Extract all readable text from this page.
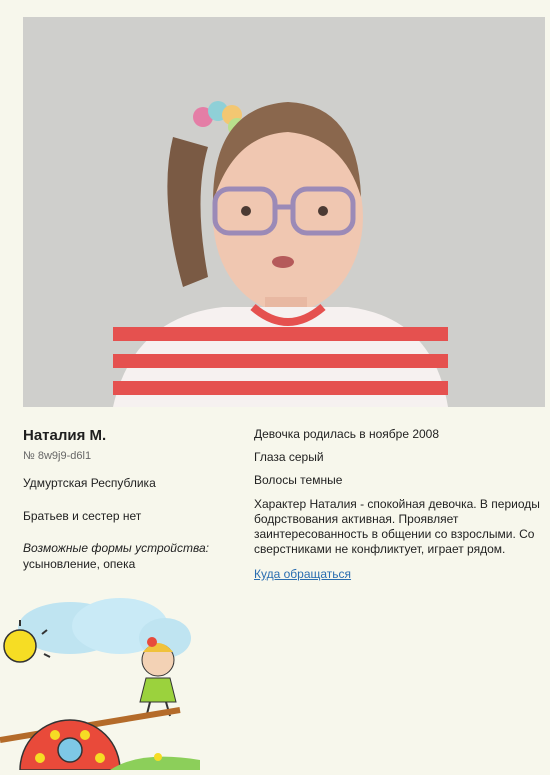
Наталия М.
№ 8w9j9-d6l1
Удмуртская Республика
Братьев и сестер нет
Возможные формы устройства:
усыновление, опека
Девочка родилась в ноябре 2008
Глаза серый
Волосы темные
Характер Наталия - спокойная девочка. В периоды бодрствования активная. Проявляет заинтересованность в общении со взрослыми. Со сверстниками не конфликтует, играет рядом.
Куда обращаться
